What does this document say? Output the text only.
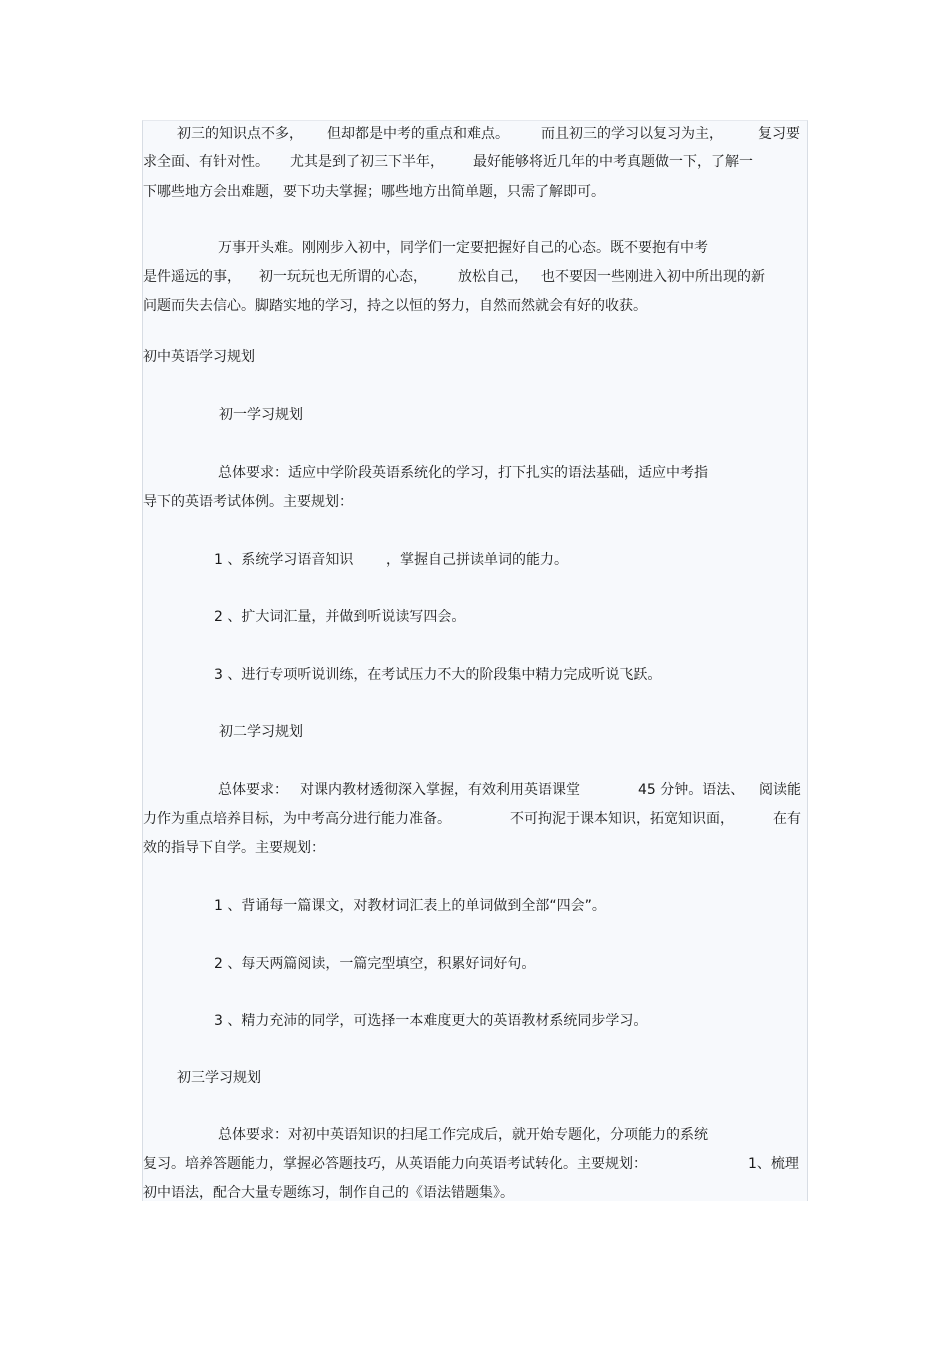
初三的知识点不多， 但却都是中考的重点和难点。 而且初三的学习以复习为主，	复习要
求全面、有针对性。 尤其是到了初三下半年， 最好能够将近几年的中考真题做一下，了解一
下哪些地方会出难题，要下功夫掌握；哪些地方出简单题，只需了解即可。
万事开头难。刚刚步入初中，同学们一定要把握好自己的心态。既不要抱有中考
是件遥远的事， 初一玩玩也无所谓的心态， 放松自己， 也不要因一些刚进入初中所出现的新
问题而失去信心。脚踏实地的学习，持之以恒的努力，自然而然就会有好的收获。
初中英语学习规划
初一学习规划
总体要求：适应中学阶段英语系统化的学习，打下扎实的语法基础，适应中考指
导下的英语考试体例。主要规划：
1 、系统学习语音知识 ，掌握自己拼读单词的能力。
2 、扩大词汇量，并做到听说读写四会。
3 、进行专项听说训练，在考试压力不大的阶段集中精力完成听说飞跃。
初二学习规划
总体要求： 对课内教材透彻深入掌握，有效利用英语课堂	45 分钟。语法、 阅读能
力作为重点培养目标，为中考高分进行能力准备。	不可拘泥于课本知识，拓宽知识面，	在有
效的指导下自学。主要规划：
1 、背诵每一篇课文，对教材词汇表上的单词做到全部“四会”。
2 、每天两篇阅读，一篇完型填空，积累好词好句。
3 、精力充沛的同学，可选择一本难度更大的英语教材系统同步学习。
初三学习规划
总体要求：对初中英语知识的扫尾工作完成后，就开始专题化，分项能力的系统
复习。培养答题能力，掌握必答题技巧，从英语能力向英语考试转化。主要规划：	1、梳理
初中语法，配合大量专题练习，制作自己的《语法错题集》。
